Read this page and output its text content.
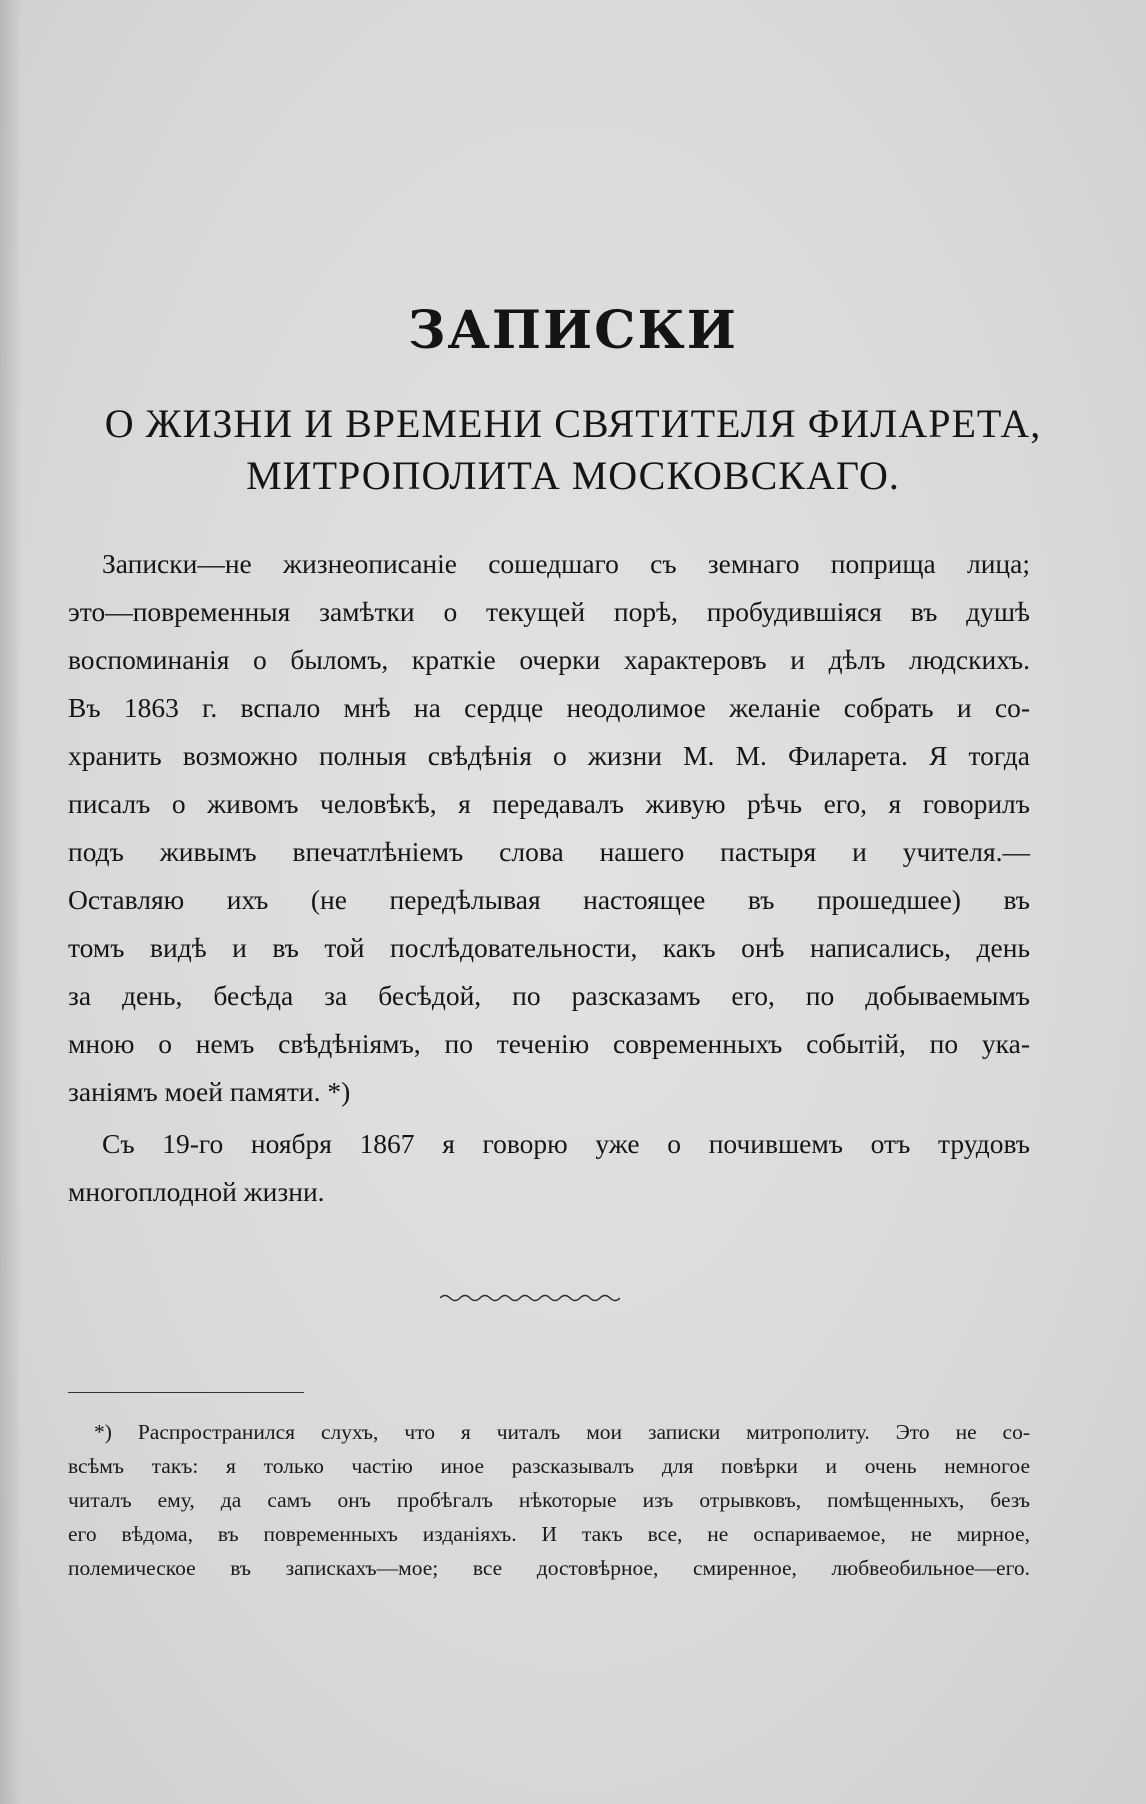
ЗАПИСКИ
О ЖИЗНИ И ВРЕМЕНИ СВЯТИТЕЛЯ ФИЛАРЕТА,
МИТРОПОЛИТА МОСКОВСКАГО.
Записки—не жизнеописаніе сошедшаго съ земнаго поприща лица;
это—повременныя замѣтки о текущей порѣ, пробудившіяся въ душѣ
воспоминанія о быломъ, краткіе очерки характеровъ и дѣлъ людскихъ.
Въ 1863 г. вспало мнѣ на сердце неодолимое желаніе собрать и со-
хранить возможно полныя свѣдѣнія о жизни М. М. Филарета. Я тогда
писалъ о живомъ человѣкѣ, я передавалъ живую рѣчь его, я говорилъ
подъ живымъ впечатлѣніемъ слова нашего пастыря и учителя.—
Оставляю ихъ (не передѣлывая настоящее въ прошедшее) въ
томъ видѣ и въ той послѣдовательности, какъ онѣ написались, день
за день, бесѣда за бесѣдой, по разсказамъ его, по добываемымъ
мною о немъ свѣдѣніямъ, по теченію современныхъ событій, по ука-
заніямъ моей памяти. *)
Съ 19-го ноября 1867 я говорю уже о почившемъ отъ трудовъ
многоплодной жизни.
*) Распространился слухъ, что я читалъ мои записки митрополиту. Это не со-
всѣмъ такъ: я только частію иное разсказывалъ для повѣрки и очень немногое
читалъ ему, да самъ онъ пробѣгалъ нѣкоторые изъ отрывковъ, помѣщенныхъ, безъ
его вѣдома, въ повременныхъ изданіяхъ. И такъ все, не оспариваемое, не мирное,
полемическое въ запискахъ—мое; все достовѣрное, смиренное, любвеобильное—его.
